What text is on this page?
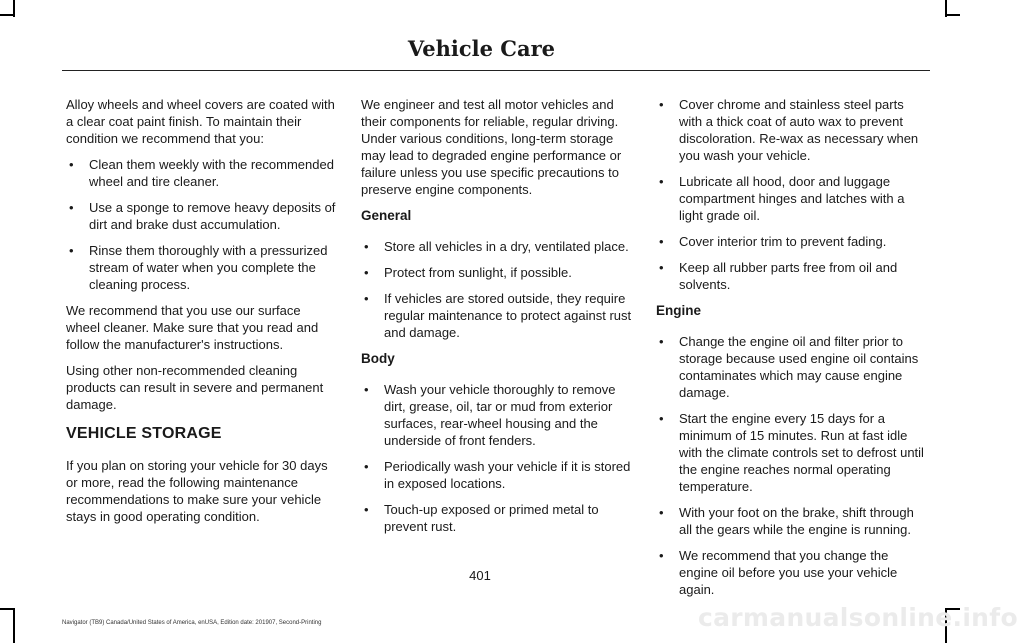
Vehicle Care

Alloy wheels and wheel covers are coated with a clear coat paint finish. To maintain their condition we recommend that you:

• Clean them weekly with the recommended wheel and tire cleaner.
• Use a sponge to remove heavy deposits of dirt and brake dust accumulation.
• Rinse them thoroughly with a pressurized stream of water when you complete the cleaning process.

We recommend that you use our surface wheel cleaner. Make sure that you read and follow the manufacturer's instructions.

Using other non-recommended cleaning products can result in severe and permanent damage.

VEHICLE STORAGE

If you plan on storing your vehicle for 30 days or more, read the following maintenance recommendations to make sure your vehicle stays in good operating condition.

We engineer and test all motor vehicles and their components for reliable, regular driving. Under various conditions, long-term storage may lead to degraded engine performance or failure unless you use specific precautions to preserve engine components.

General
• Store all vehicles in a dry, ventilated place.
• Protect from sunlight, if possible.
• If vehicles are stored outside, they require regular maintenance to protect against rust and damage.
Body
• Wash your vehicle thoroughly to remove dirt, grease, oil, tar or mud from exterior surfaces, rear-wheel housing and the underside of front fenders.
• Periodically wash your vehicle if it is stored in exposed locations.
• Touch-up exposed or primed metal to prevent rust.
• Cover chrome and stainless steel parts with a thick coat of auto wax to prevent discoloration. Re-wax as necessary when you wash your vehicle.
• Lubricate all hood, door and luggage compartment hinges and latches with a light grade oil.
• Cover interior trim to prevent fading.
• Keep all rubber parts free from oil and solvents.
Engine
• Change the engine oil and filter prior to storage because used engine oil contains contaminates which may cause engine damage.
• Start the engine every 15 days for a minimum of 15 minutes. Run at fast idle with the climate controls set to defrost until the engine reaches normal operating temperature.
• With your foot on the brake, shift through all the gears while the engine is running.
• We recommend that you change the engine oil before you use your vehicle again.
401
Navigator (TB9) Canada/United States of America, enUSA, Edition date: 201907, Second-Printing	carmanualsonline.info
